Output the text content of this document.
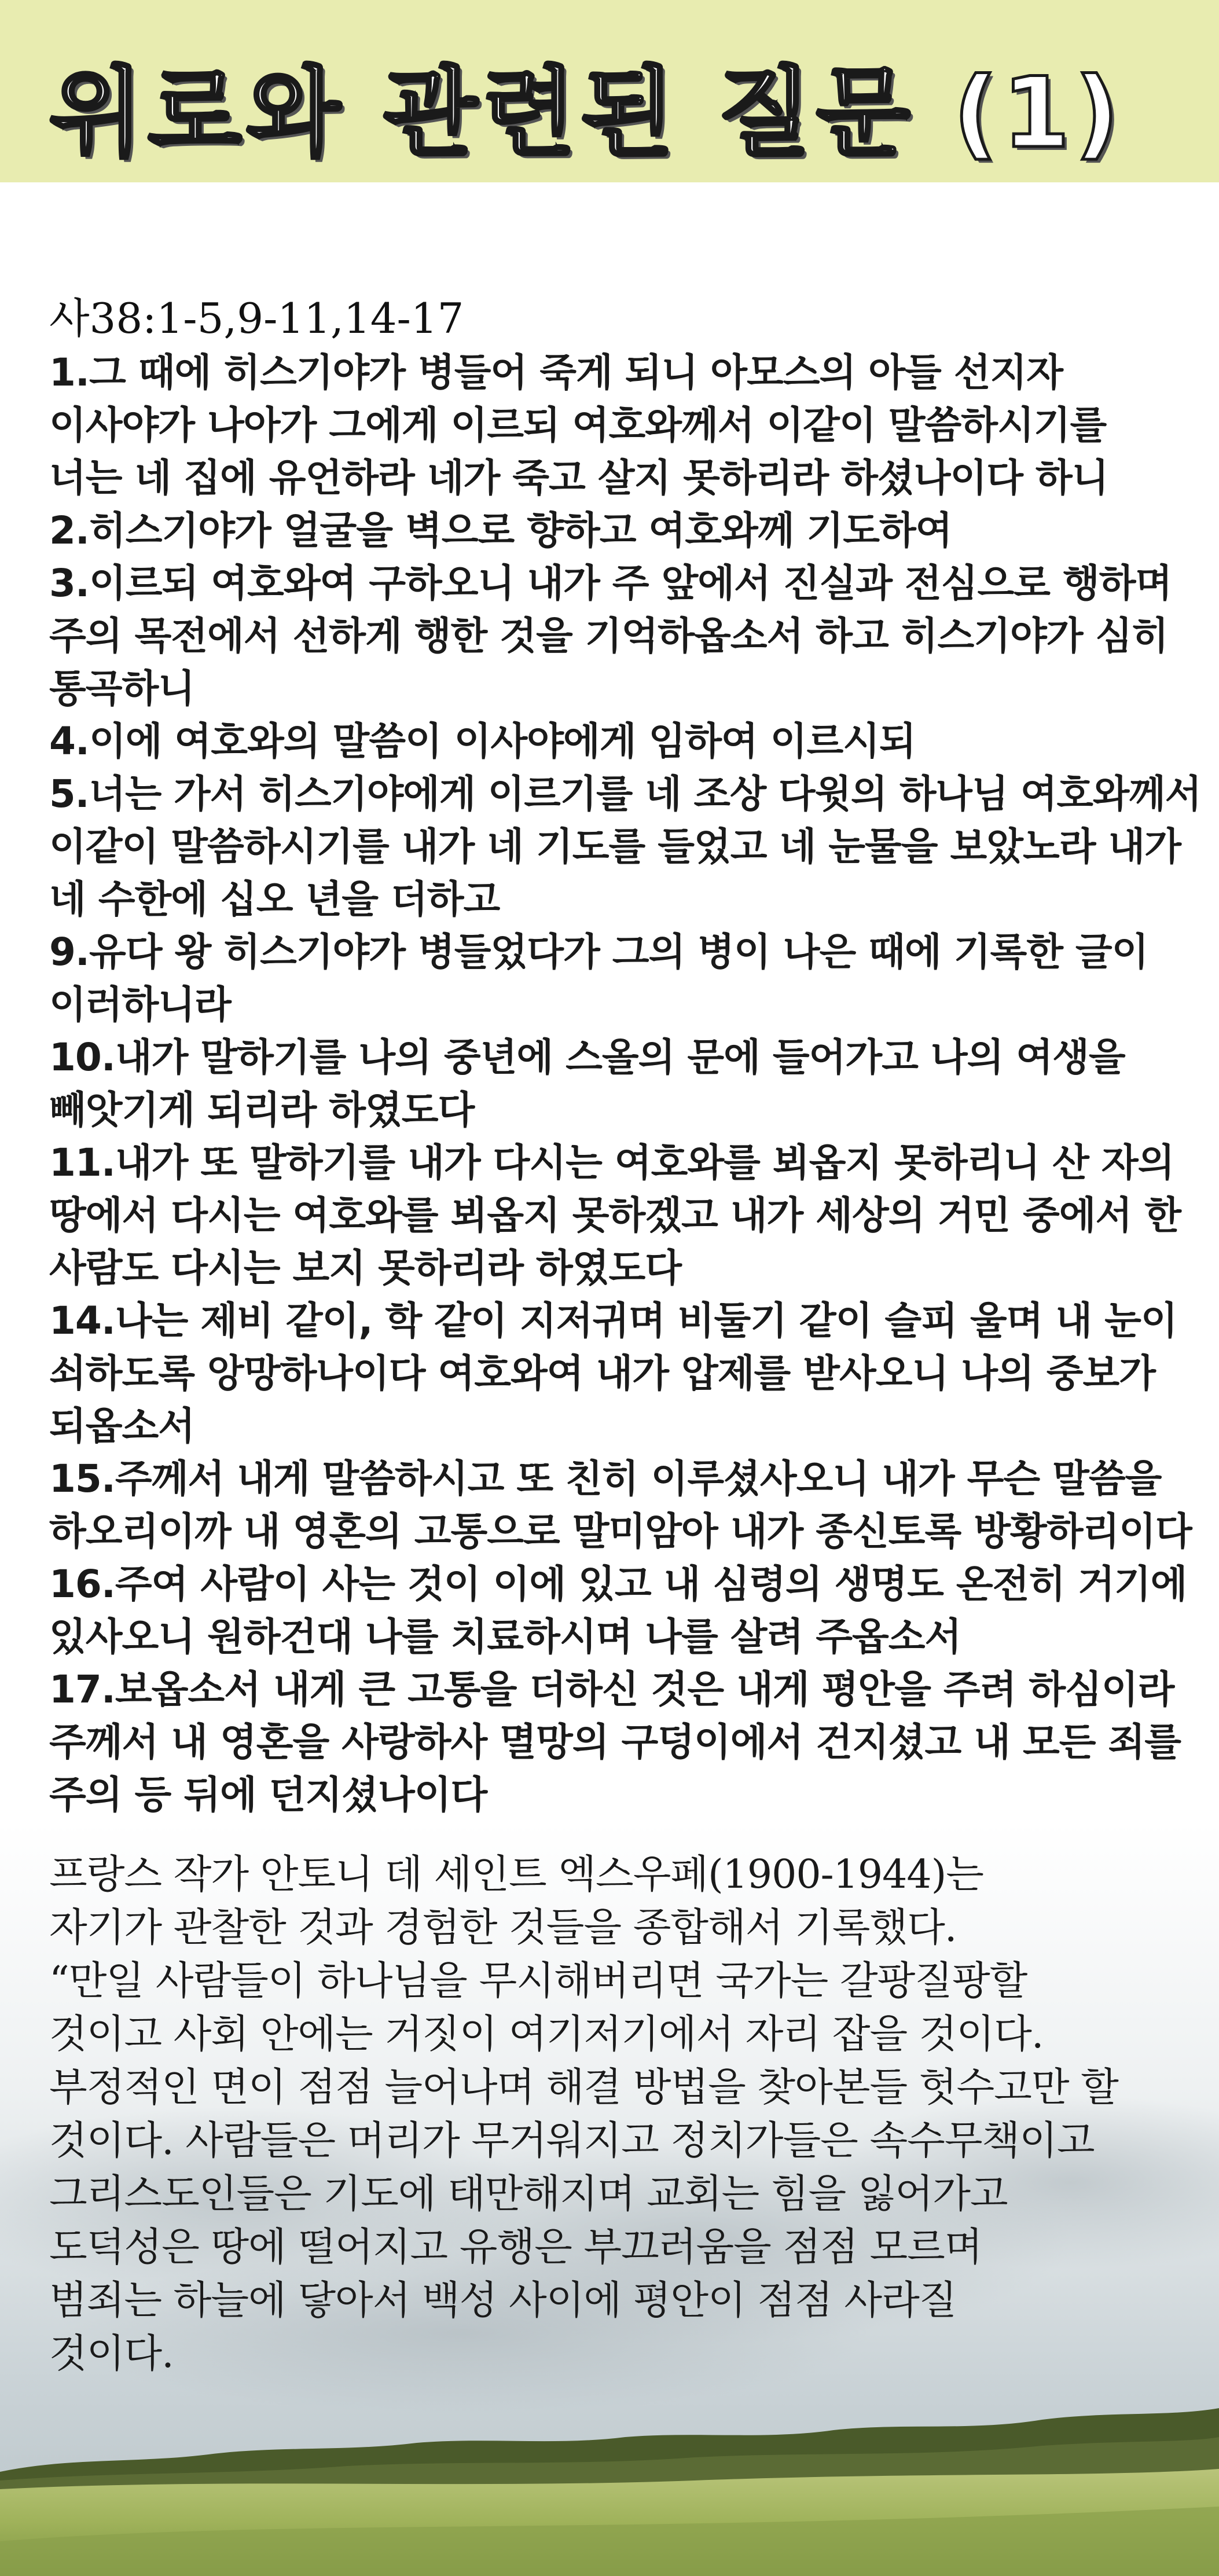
위로와 관련된 질문 (1)
사38:1-5,9-11,14-17
1.그 때에 히스기야가 병들어 죽게 되니 아모스의 아들 선지자
이사야가 나아가 그에게 이르되 여호와께서 이같이 말씀하시기를
너는 네 집에 유언하라 네가 죽고 살지 못하리라 하셨나이다 하니
2.히스기야가 얼굴을 벽으로 향하고 여호와께 기도하여
3.이르되 여호와여 구하오니 내가 주 앞에서 진실과 전심으로 행하며
주의 목전에서 선하게 행한 것을 기억하옵소서 하고 히스기야가 심히
통곡하니
4.이에 여호와의 말씀이 이사야에게 임하여 이르시되
5.너는 가서 히스기야에게 이르기를 네 조상 다윗의 하나님 여호와께서
이같이 말씀하시기를 내가 네 기도를 들었고 네 눈물을 보았노라 내가
네 수한에 십오 년을 더하고
9.유다 왕 히스기야가 병들었다가 그의 병이 나은 때에 기록한 글이
이러하니라
10.내가 말하기를 나의 중년에 스올의 문에 들어가고 나의 여생을
빼앗기게 되리라 하였도다
11.내가 또 말하기를 내가 다시는 여호와를 뵈옵지 못하리니 산 자의
땅에서 다시는 여호와를 뵈옵지 못하겠고 내가 세상의 거민 중에서 한
사람도 다시는 보지 못하리라 하였도다
14.나는 제비 같이, 학 같이 지저귀며 비둘기 같이 슬피 울며 내 눈이
쇠하도록 앙망하나이다 여호와여 내가 압제를 받사오니 나의 중보가
되옵소서
15.주께서 내게 말씀하시고 또 친히 이루셨사오니 내가 무슨 말씀을
하오리이까 내 영혼의 고통으로 말미암아 내가 종신토록 방황하리이다
16.주여 사람이 사는 것이 이에 있고 내 심령의 생명도 온전히 거기에
있사오니 원하건대 나를 치료하시며 나를 살려 주옵소서
17.보옵소서 내게 큰 고통을 더하신 것은 내게 평안을 주려 하심이라
주께서 내 영혼을 사랑하사 멸망의 구덩이에서 건지셨고 내 모든 죄를
주의 등 뒤에 던지셨나이다
프랑스 작가 안토니 데 세인트 엑스우페(1900-1944)는
자기가 관찰한 것과 경험한 것들을 종합해서 기록했다.
“만일 사람들이 하나님을 무시해버리면 국가는 갈팡질팡할
것이고 사회 안에는 거짓이 여기저기에서 자리 잡을 것이다.
부정적인 면이 점점 늘어나며 해결 방법을 찾아본들 헛수고만 할
것이다. 사람들은 머리가 무거워지고 정치가들은 속수무책이고
그리스도인들은 기도에 태만해지며 교회는 힘을 잃어가고
도덕성은 땅에 떨어지고 유행은 부끄러움을 점점 모르며
범죄는 하늘에 닿아서 백성 사이에 평안이 점점 사라질
것이다.
